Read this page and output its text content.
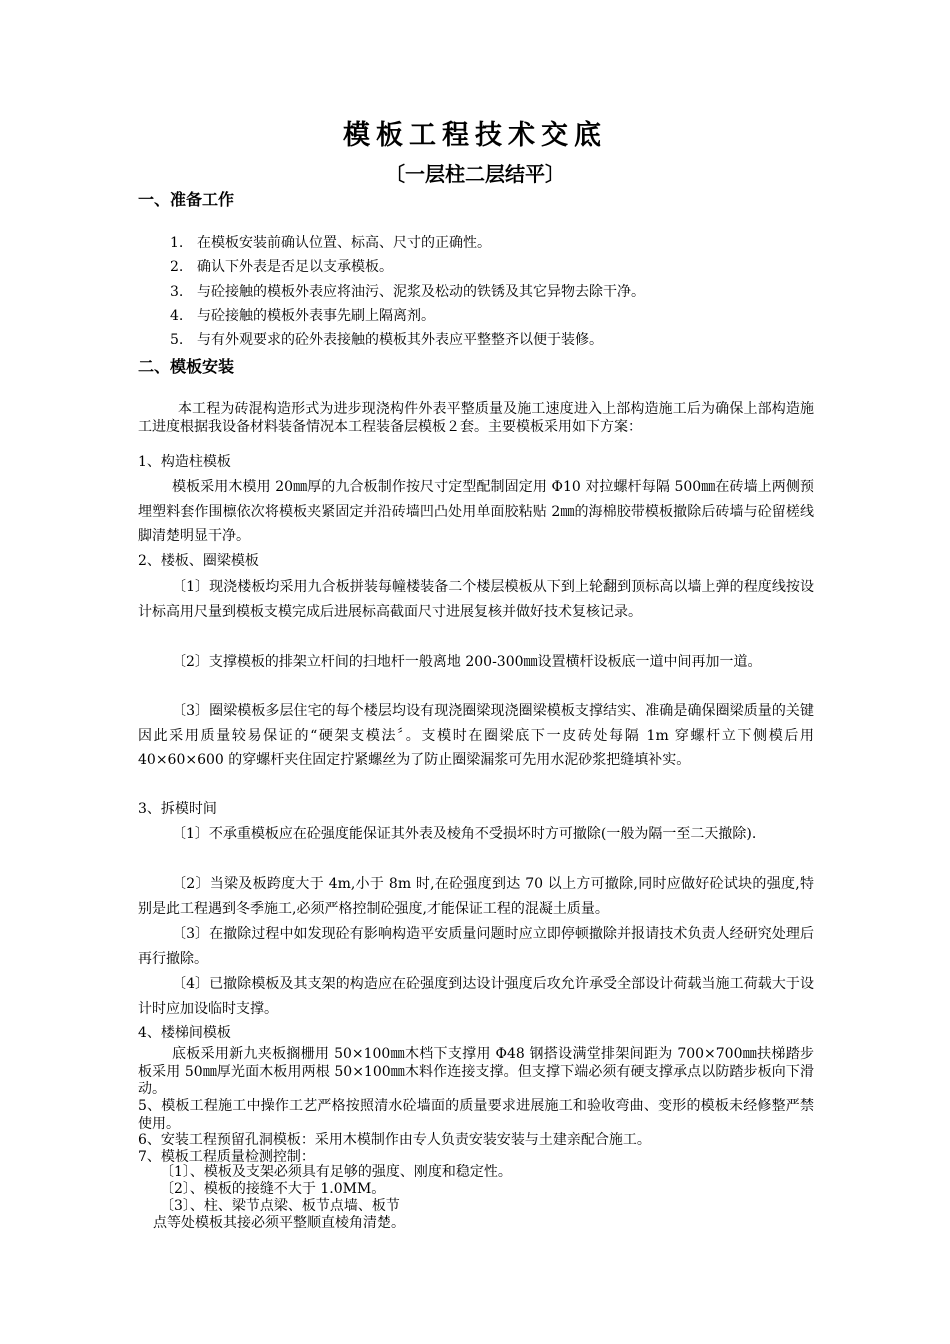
模板工程技术交底
〔一层柱二层结平〕
一、准备工作
1. 在模板安装前确认位置、标高、尺寸的正确性。
2. 确认下外表是否足以支承模板。
3. 与砼接触的模板外表应将油污、泥浆及松动的铁锈及其它异物去除干净。
4. 与砼接触的模板外表事先刷上隔离剂。
5. 与有外观要求的砼外表接触的模板其外表应平整整齐以便于装修。
二、模板安装

本工程为砖混构造形式为进步现浇构件外表平整质量及施工速度进入上部构造施工后为确保上部构造施工进度根据我设备材料装备情况本工程装备层模板２套。主要模板采用如下方案：

1、构造柱模板

模板采用木模用 20㎜厚的九合板制作按尺寸定型配制固定用 Φ10 对拉螺杆每隔 500㎜在砖墙上两侧预埋塑料套作围檩依次将模板夹紧固定并沿砖墙凹凸处用单面胶粘贴 2㎜的海棉胶带模板撤除后砖墙与砼留槎线脚清楚明显干净。

2、楼板、圈梁模板

〔1〕现浇楼板均采用九合板拼装每幢楼装备二个楼层模板从下到上轮翻到顶标高以墙上弹的程度线按设计标高用尺量到模板支模完成后进展标高截面尺寸进展复核并做好技术复核记录。

〔2〕支撑模板的排架立杆间的扫地杆一般离地 200-300㎜设置横杆设板底一道中间再加一道。

〔3〕圈梁模板多层住宅的每个楼层均设有现浇圈梁现浇圈梁模板支撑结实、准确是确保圈梁质量的关键因此采用质量较易保证的“硬架支模法〞。支模时在圈梁底下一皮砖处每隔 1m 穿螺杆立下侧模后用 40×60×600 的穿螺杆夹住固定拧紧螺丝为了防止圈梁漏浆可先用水泥砂浆把缝填补实。

3、拆模时间

〔1〕不承重模板应在砼强度能保证其外表及棱角不受损坏时方可撤除(一般为隔一至二天撤除).

〔2〕当梁及板跨度大于 4m,小于 8m 时,在砼强度到达 70 以上方可撤除,同时应做好砼试块的强度,特别是此工程遇到冬季施工,必须严格控制砼强度,才能保证工程的混凝土质量。

〔3〕在撤除过程中如发现砼有影响构造平安质量问题时应立即停顿撤除并报请技术负责人经研究处理后再行撤除。

〔4〕已撤除模板及其支架的构造应在砼强度到达设计强度后攻允许承受全部设计荷载当施工荷载大于设计时应加设临时支撑。

4、楼梯间模板

底板采用新九夹板搁栅用 50×100㎜木档下支撑用 Φ48 钢搭设满堂排架间距为 700×700㎜扶梯踏步板采用 50㎜厚光面木板用两根 50×100㎜木料作连接支撑。但支撑下端必须有硬支撑承点以防踏步板向下滑动。

5、模板工程施工中操作工艺严格按照清水砼墙面的质量要求进展施工和验收弯曲、变形的模板未经修整严禁使用。

6、安装工程预留孔洞模板：采用木模制作由专人负责安装安装与土建亲配合施工。

7、模板工程质量检测控制：

〔1〕、模板及支架必须具有足够的强度、刚度和稳定性。

〔2〕、模板的接缝不大于 1.0MM。

〔3〕、柱、梁节点梁、板节点墙、板节

点等处模板其接必须平整顺直棱角清楚。
